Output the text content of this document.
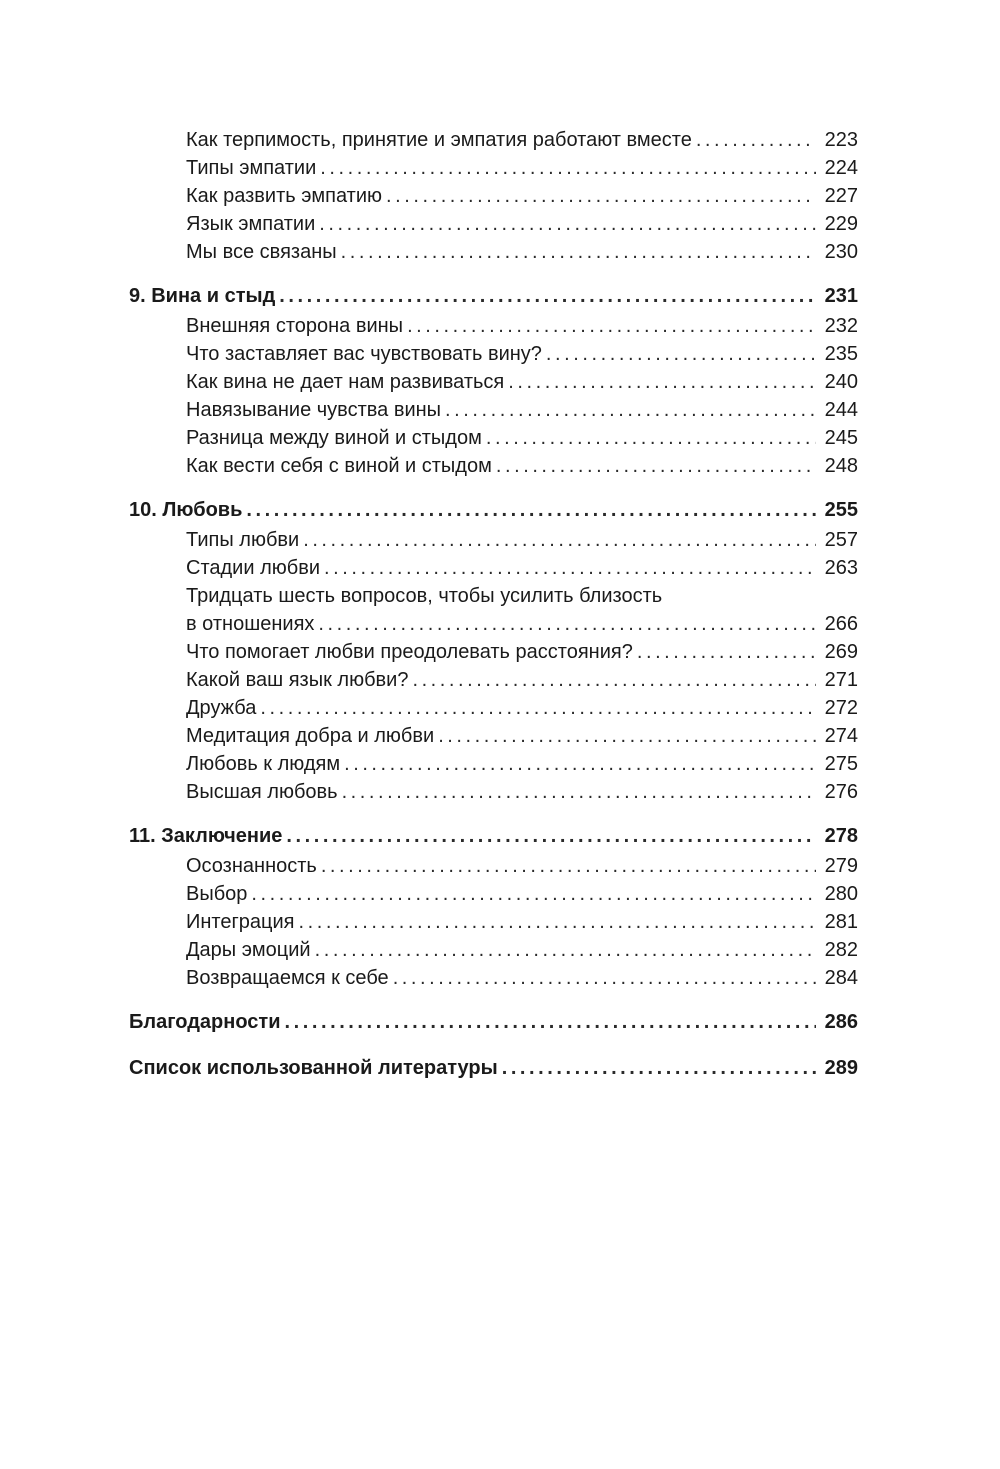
Как терпимость, принятие и эмпатия работают вместе . . .	223
Типы эмпатии . . .	224
Как развить эмпатию . . .	227
Язык эмпатии . . .	229
Мы все связаны . . .	230
9. Вина и стыд . . .	231
Внешняя сторона вины . . .	232
Что заставляет вас чувствовать вину? . . .	235
Как вина не дает нам развиваться . . .	240
Навязывание чувства вины . . .	244
Разница между виной и стыдом . . .	245
Как вести себя с виной и стыдом . . .	248
10. Любовь . . .	255
Типы любви . . .	257
Стадии любви . . .	263
Тридцать шесть вопросов, чтобы усилить близость
в отношениях . . .	266
Что помогает любви преодолевать расстояния? . . .	269
Какой ваш язык любви? . . .	271
Дружба . . .	272
Медитация добра и любви . . .	274
Любовь к людям . . .	275
Высшая любовь . . .	276
11. Заключение . . .	278
Осознанность . . .	279
Выбор . . .	280
Интеграция . . .	281
Дары эмоций . . .	282
Возвращаемся к себе . . .	284
Благодарности . . .	286
Список использованной литературы . . .	289
